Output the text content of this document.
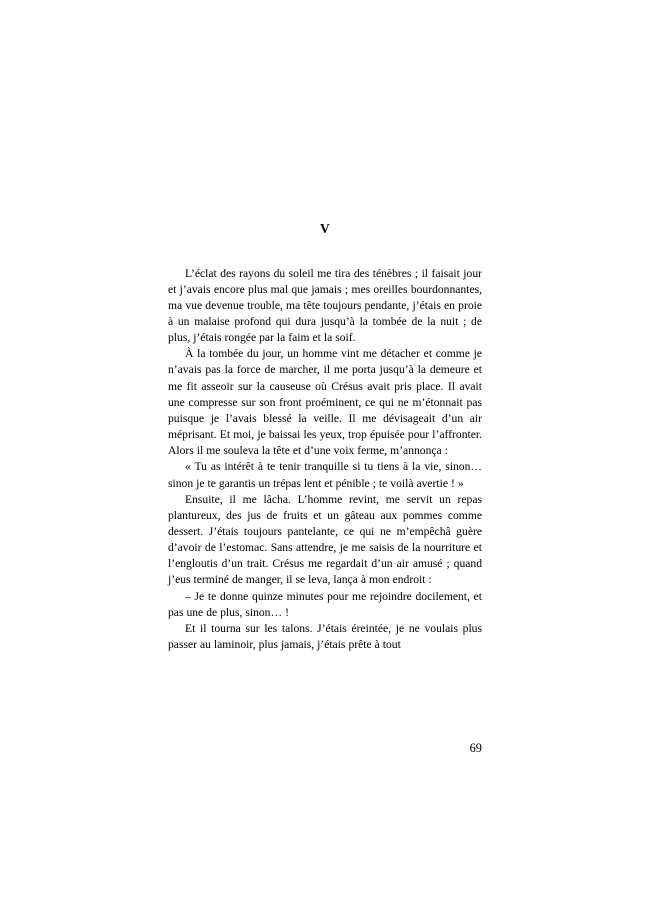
V

L’éclat des rayons du soleil me tira des ténèbres ; il faisait jour et j’avais encore plus mal que jamais ; mes oreilles bourdonnantes, ma vue devenue trouble, ma tête toujours pendante, j’étais en proie à un malaise profond qui dura jusqu’à la tombée de la nuit ; de plus, j’étais rongée par la faim et la soif.

À la tombée du jour, un homme vint me détacher et comme je n’avais pas la force de marcher, il me porta jusqu’à la demeure et me fit asseoir sur la causeuse où Crésus avait pris place. Il avait une compresse sur son front proéminent, ce qui ne m’étonnait pas puisque je l’avais blessé la veille. Il me dévisageait d’un air méprisant. Et moi, je baissai les yeux, trop épuisée pour l’affronter. Alors il me souleva la tête et d’une voix ferme, m’annonça :

« Tu as intérêt à te tenir tranquille si tu tiens à la vie, sinon… sinon je te garantis un trépas lent et pénible ; te voilà avertie ! »

Ensuite, il me lâcha. L’homme revint, me servit un repas plantureux, des jus de fruits et un gâteau aux pommes comme dessert. J’étais toujours pantelante, ce qui ne m’empêchâ guère d’avoir de l’estomac. Sans attendre, je me saisis de la nourriture et l’engloutis d’un trait. Crésus me regardait d’un air amusé ; quand j’eus terminé de manger, il se leva, lança à mon endroit :

– Je te donne quinze minutes pour me rejoindre docilement, et pas une de plus, sinon… !

Et il tourna sur les talons. J’étais éreintée, je ne voulais plus passer au laminoir, plus jamais, j’étais prête à tout

69
